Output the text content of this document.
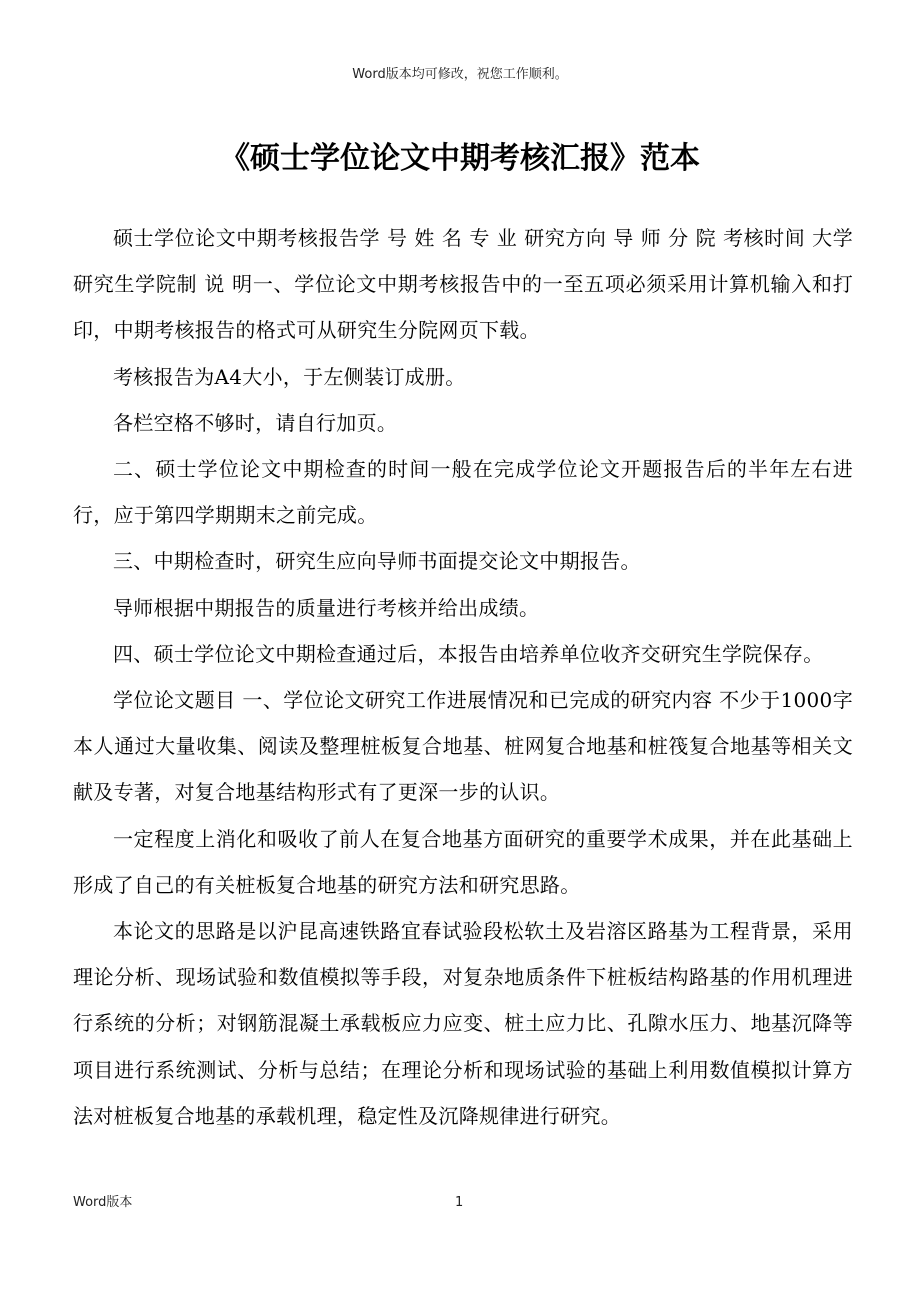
Word版本均可修改，祝您工作顺利。
《硕士学位论文中期考核汇报》范本

硕士学位论文中期考核报告学 号 姓 名 专 业 研究方向 导 师 分 院 考核时间 大学研究生学院制 说 明一、学位论文中期考核报告中的一至五项必须采用计算机输入和打印，中期考核报告的格式可从研究生分院网页下载。

考核报告为A4大小，于左侧装订成册。

各栏空格不够时，请自行加页。

二、硕士学位论文中期检查的时间一般在完成学位论文开题报告后的半年左右进行，应于第四学期期末之前完成。

三、中期检查时，研究生应向导师书面提交论文中期报告。

导师根据中期报告的质量进行考核并给出成绩。

四、硕士学位论文中期检查通过后，本报告由培养单位收齐交研究生学院保存。

学位论文题目 一、学位论文研究工作进展情况和已完成的研究内容 不少于1000字本人通过大量收集、阅读及整理桩板复合地基、桩网复合地基和桩筏复合地基等相关文献及专著，对复合地基结构形式有了更深一步的认识。

一定程度上消化和吸收了前人在复合地基方面研究的重要学术成果，并在此基础上形成了自己的有关桩板复合地基的研究方法和研究思路。

本论文的思路是以沪昆高速铁路宜春试验段松软土及岩溶区路基为工程背景，采用理论分析、现场试验和数值模拟等手段，对复杂地质条件下桩板结构路基的作用机理进行系统的分析；对钢筋混凝土承载板应力应变、桩土应力比、孔隙水压力、地基沉降等项目进行系统测试、分析与总结；在理论分析和现场试验的基础上利用数值模拟计算方法对桩板复合地基的承载机理，稳定性及沉降规律进行研究。

Word版本	1
